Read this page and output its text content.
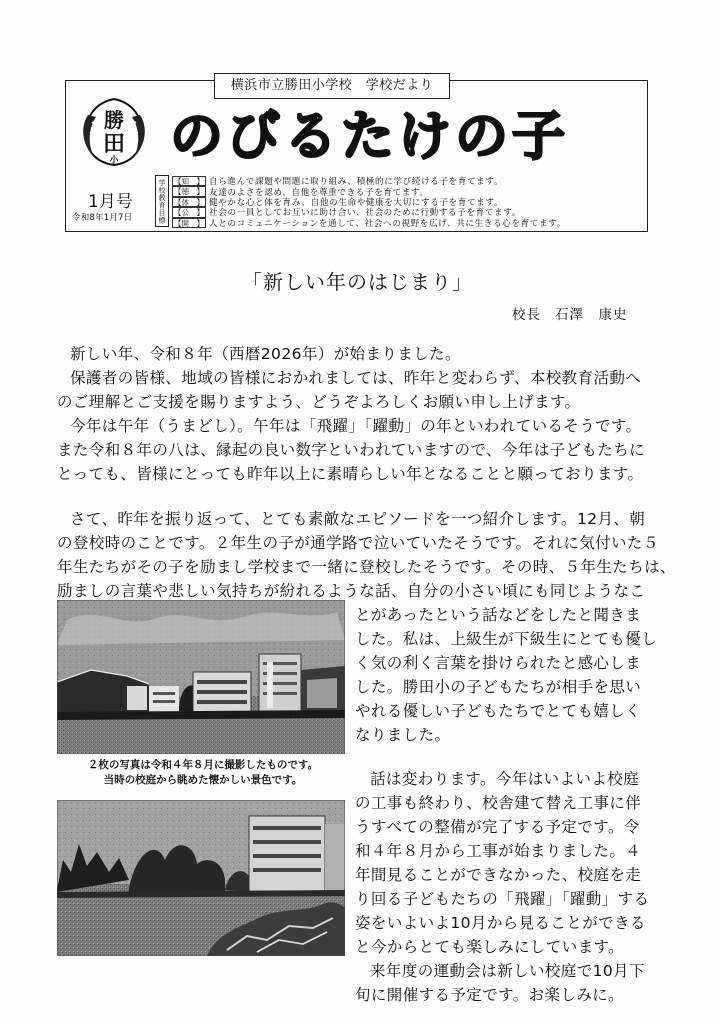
横浜市立勝田小学校　学校だより
勝
田
小 のびるたけの子
1月号
令和8年1月7日	学校教育目標	【知　】 自ら進んで課題や問題に取り組み、積極的に学び続ける子を育てます。
【徳　】 友達のよさを認め、自他を尊重できる子を育てます。
【体　】 健やかな心と体を育み、自他の生命や健康を大切にする子を育てます。
【公　】 社会の一員としてお互いに助け合い、社会のために行動する子を育てます。
【開　】 人とのコミュニケーションを通して、社会への視野を広げ、共に生きる心を育てます。
「新しい年のはじまり」
校長 石澤　康史
新しい年、令和８年（西暦2026年）が始まりました。
保護者の皆様、地域の皆様におかれましては、昨年と変わらず、本校教育活動へ
のご理解とご支援を賜りますよう、どうぞよろしくお願い申し上げます。
今年は午年（うまどし）。午年は「飛躍」「躍動」の年といわれているそうです。
また令和８年の八は、縁起の良い数字といわれていますので、今年は子どもたちに
とっても、皆様にとっても昨年以上に素晴らしい年となることと願っております。
さて、昨年を振り返って、とても素敵なエピソードを一つ紹介します。12月、朝
の登校時のことです。２年生の子が通学路で泣いていたそうです。それに気付いた５
年生たちがその子を励まし学校まで一緒に登校したそうです。その時、５年生たちは、
励ましの言葉や悲しい気持ちが紛れるような話、自分の小さい頃にも同じようなこ
とがあったという話などをしたと聞きま
した。私は、上級生が下級生にとても優し
く気の利く言葉を掛けられたと感心しま
した。勝田小の子どもたちが相手を思い
やれる優しい子どもたちでとても嬉しく
なりました。
話は変わります。今年はいよいよ校庭
の工事も終わり、校舎建て替え工事に伴
うすべての整備が完了する予定です。令
和４年８月から工事が始まりました。４
年間見ることができなかった、校庭を走
り回る子どもたちの「飛躍」「躍動」する
姿をいよいよ10月から見ることができる
と今からとても楽しみにしています。
来年度の運動会は新しい校庭で10月下
旬に開催する予定です。お楽しみに。
２枚の写真は令和４年８月に撮影したものです。
当時の校庭から眺めた懐かしい景色です。
